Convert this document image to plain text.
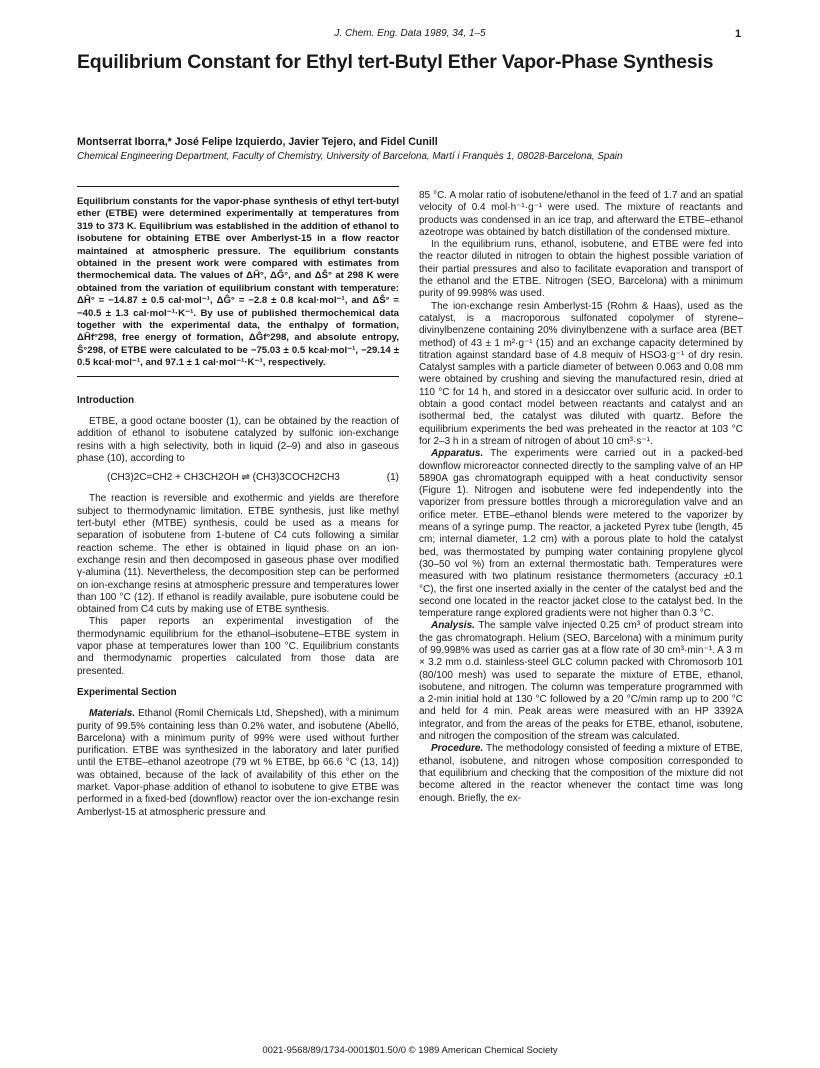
J. Chem. Eng. Data 1989, 34, 1–5	1
Equilibrium Constant for Ethyl tert-Butyl Ether Vapor-Phase Synthesis
Montserrat Iborra,* José Felipe Izquierdo, Javier Tejero, and Fidel Cunill
Chemical Engineering Department, Faculty of Chemistry, University of Barcelona, Martí i Franquès 1, 08028-Barcelona, Spain

Equilibrium constants for the vapor-phase synthesis of ethyl tert-butyl ether (ETBE) were determined experimentally at temperatures from 319 to 373 K. Equilibrium was established in the addition of ethanol to isobutene for obtaining ETBE over Amberlyst-15 in a flow reactor maintained at atmospheric pressure. The equilibrium constants obtained in the present work were compared with estimates from thermochemical data. The values of ΔĤ°, ΔĜ°, and ΔŜ° at 298 K were obtained from the variation of equilibrium constant with temperature: ΔĤ° = −14.87 ± 0.5 cal·mol⁻¹, ΔĜ° = −2.8 ± 0.8 kcal·mol⁻¹, and ΔŜ° = −40.5 ± 1.3 cal·mol⁻¹·K⁻¹. By use of published thermochemical data together with the experimental data, the enthalpy of formation, ΔĤf°298, free energy of formation, ΔĜf°298, and absolute entropy, Ŝ°298, of ETBE were calculated to be −75.03 ± 0.5 kcal·mol⁻¹, −29.14 ± 0.5 kcal·mol⁻¹, and 97.1 ± 1 cal·mol⁻¹·K⁻¹, respectively.

Introduction

ETBE, a good octane booster (1), can be obtained by the reaction of addition of ethanol to isobutene catalyzed by sulfonic ion-exchange resins with a high selectivity, both in liquid (2–9) and also in gaseous phase (10), according to

(CH3)2C=CH2 + CH3CH2OH ⇌ (CH3)3COCH2CH3	(1)

The reaction is reversible and exothermic and yields are therefore subject to thermodynamic limitation. ETBE synthesis, just like methyl tert-butyl ether (MTBE) synthesis, could be used as a means for separation of isobutene from 1-butene of C4 cuts following a similar reaction scheme. The ether is obtained in liquid phase on an ion-exchange resin and then decomposed in gaseous phase over modified γ-alumina (11). Nevertheless, the decomposition step can be performed on ion-exchange resins at atmospheric pressure and temperatures lower than 100 °C (12). If ethanol is readily available, pure isobutene could be obtained from C4 cuts by making use of ETBE synthesis.

This paper reports an experimental investigation of the thermodynamic equilibrium for the ethanol–isobutene–ETBE system in vapor phase at temperatures lower than 100 °C. Equilibrium constants and thermodynamic properties calculated from those data are presented.

Experimental Section

Materials. Ethanol (Romil Chemicals Ltd, Shepshed), with a minimum purity of 99.5% containing less than 0.2% water, and isobutene (Abelló, Barcelona) with a minimum purity of 99% were used without further purification. ETBE was synthesized in the laboratory and later purified until the ETBE–ethanol azeotrope (79 wt % ETBE, bp 66.6 °C (13, 14)) was obtained, because of the lack of availability of this ether on the market. Vapor-phase addition of ethanol to isobutene to give ETBE was performed in a fixed-bed (downflow) reactor over the ion-exchange resin Amberlyst-15 at atmospheric pressure and

85 °C. A molar ratio of isobutene/ethanol in the feed of 1.7 and an spatial velocity of 0.4 mol·h⁻¹·g⁻¹ were used. The mixture of reactants and products was condensed in an ice trap, and afterward the ETBE–ethanol azeotrope was obtained by batch distillation of the condensed mixture.

In the equilibrium runs, ethanol, isobutene, and ETBE were fed into the reactor diluted in nitrogen to obtain the highest possible variation of their partial pressures and also to facilitate evaporation and transport of the ethanol and the ETBE. Nitrogen (SEO, Barcelona) with a minimum purity of 99.998% was used.

The ion-exchange resin Amberlyst-15 (Rohm & Haas), used as the catalyst, is a macroporous sulfonated copolymer of styrene–divinylbenzene containing 20% divinylbenzene with a surface area (BET method) of 43 ± 1 m²·g⁻¹ (15) and an exchange capacity determined by titration against standard base of 4.8 mequiv of HSO3·g⁻¹ of dry resin. Catalyst samples with a particle diameter of between 0.063 and 0.08 mm were obtained by crushing and sieving the manufactured resin, dried at 110 °C for 14 h, and stored in a desiccator over sulfuric acid. In order to obtain a good contact model between reactants and catalyst and an isothermal bed, the catalyst was diluted with quartz. Before the equilibrium experiments the bed was preheated in the reactor at 103 °C for 2–3 h in a stream of nitrogen of about 10 cm³·s⁻¹.

Apparatus. The experiments were carried out in a packed-bed downflow microreactor connected directly to the sampling valve of an HP 5890A gas chromatograph equipped with a heat conductivity sensor (Figure 1). Nitrogen and isobutene were fed independently into the vaporizer from pressure bottles through a microregulation valve and an orifice meter. ETBE–ethanol blends were metered to the vaporizer by means of a syringe pump. The reactor, a jacketed Pyrex tube (length, 45 cm; internal diameter, 1.2 cm) with a porous plate to hold the catalyst bed, was thermostated by pumping water containing propylene glycol (30–50 vol %) from an external thermostatic bath. Temperatures were measured with two platinum resistance thermometers (accuracy ±0.1 °C), the first one inserted axially in the center of the catalyst bed and the second one located in the reactor jacket close to the catalyst bed. In the temperature range explored gradients were not higher than 0.3 °C.

Analysis. The sample valve injected 0.25 cm³ of product stream into the gas chromatograph. Helium (SEO, Barcelona) with a minimum purity of 99.998% was used as carrier gas at a flow rate of 30 cm³·min⁻¹. A 3 m × 3.2 mm o.d. stainless-steel GLC column packed with Chromosorb 101 (80/100 mesh) was used to separate the mixture of ETBE, ethanol, isobutene, and nitrogen. The column was temperature programmed with a 2-min initial hold at 130 °C followed by a 20 °C/min ramp up to 200 °C and held for 4 min. Peak areas were measured with an HP 3392A integrator, and from the areas of the peaks for ETBE, ethanol, isobutene, and nitrogen the composition of the stream was calculated.

Procedure. The methodology consisted of feeding a mixture of ETBE, ethanol, isobutene, and nitrogen whose composition corresponded to that equilibrium and checking that the composition of the mixture did not become altered in the reactor whenever the contact time was long enough. Briefly, the ex-

0021-9568/89/1734-0001$01.50/0 © 1989 American Chemical Society
